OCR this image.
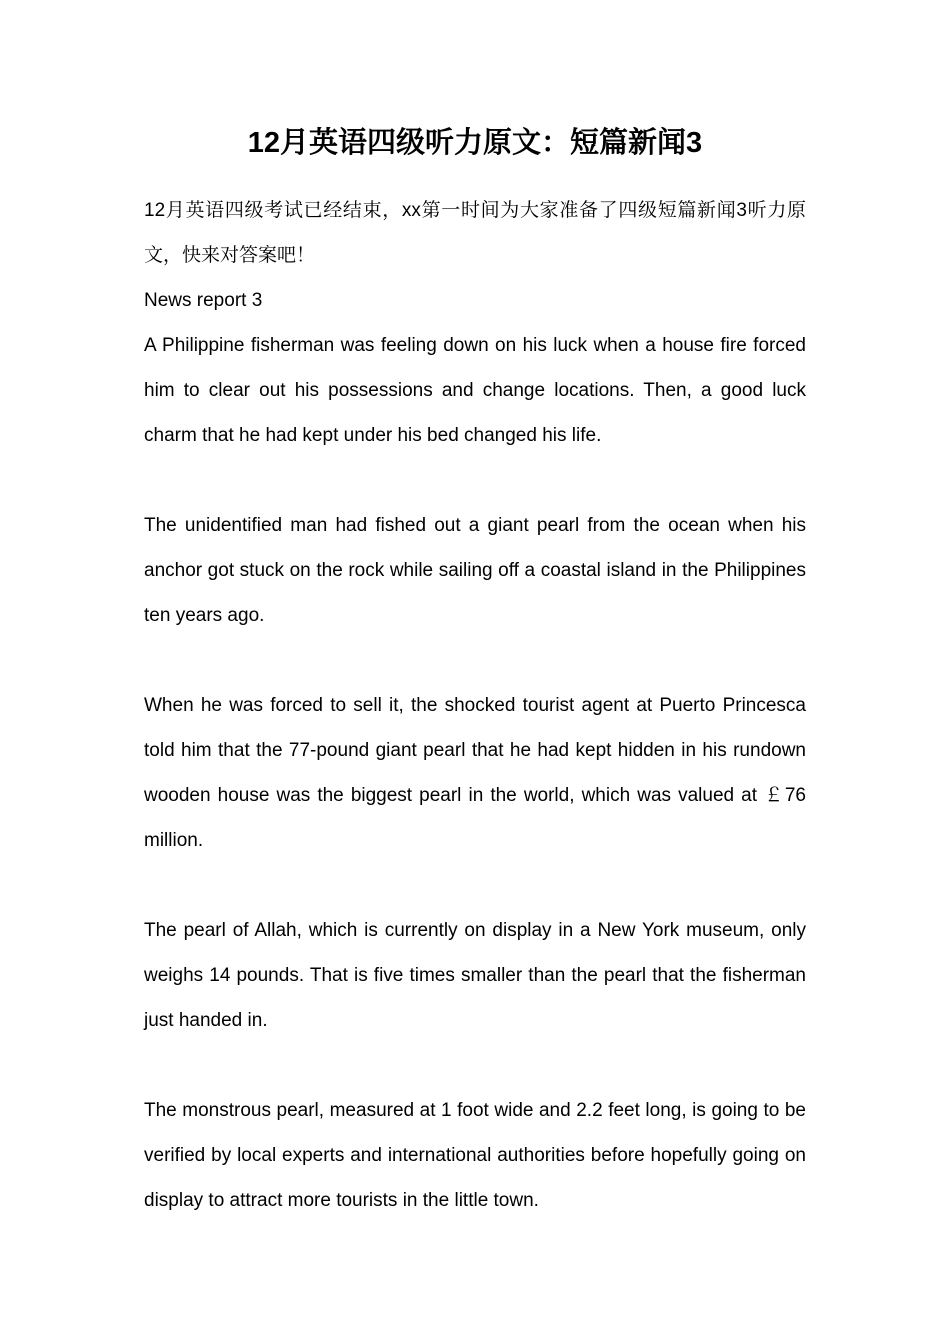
12月英语四级听力原文：短篇新闻3

12月英语四级考试已经结束，xx第一时间为大家准备了四级短篇新闻3听力原文，快来对答案吧！

News report 3

A Philippine fisherman was feeling down on his luck when a house fire forced him to clear out his possessions and change locations. Then, a good luck charm that he had kept under his bed changed his life.

The unidentified man had fished out a giant pearl from the ocean when his anchor got stuck on the rock while sailing off a coastal island in the Philippines ten years ago.

When he was forced to sell it, the shocked tourist agent at Puerto Princesca told him that the 77-pound giant pearl that he had kept hidden in his rundown wooden house was the biggest pearl in the world, which was valued at ￡76 million.

The pearl of Allah, which is currently on display in a New York museum, only weighs 14 pounds. That is five times smaller than the pearl that the fisherman just handed in.

The monstrous pearl, measured at 1 foot wide and 2.2 feet long, is going to be verified by local experts and international authorities before hopefully going on display to attract more tourists in the little town.
